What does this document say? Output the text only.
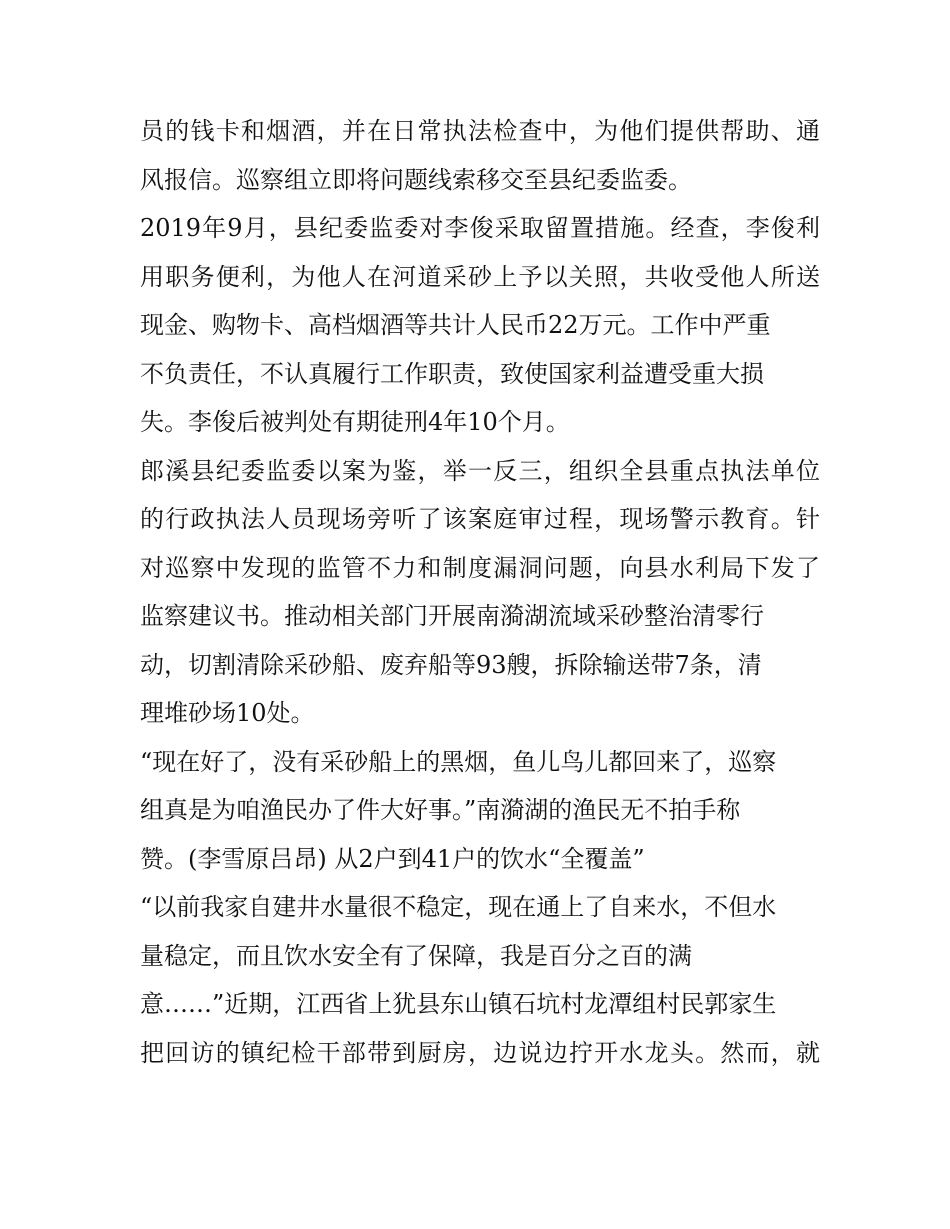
员的钱卡和烟酒，并在日常执法检查中，为他们提供帮助、通
风报信。巡察组立即将问题线索移交至县纪委监委。
2019年9月，县纪委监委对李俊采取留置措施。经查，李俊利
用职务便利，为他人在河道采砂上予以关照，共收受他人所送
现金、购物卡、高档烟酒等共计人民币22万元。工作中严重
不负责任，不认真履行工作职责，致使国家利益遭受重大损
失。李俊后被判处有期徒刑4年10个月。
郎溪县纪委监委以案为鉴，举一反三，组织全县重点执法单位
的行政执法人员现场旁听了该案庭审过程，现场警示教育。针
对巡察中发现的监管不力和制度漏洞问题，向县水利局下发了
监察建议书。推动相关部门开展南漪湖流域采砂整治清零行
动，切割清除采砂船、废弃船等93艘，拆除输送带7条，清
理堆砂场10处。
“现在好了，没有采砂船上的黑烟，鱼儿鸟儿都回来了，巡察
组真是为咱渔民办了件大好事。”南漪湖的渔民无不拍手称
赞。(李雪原吕昂) 从2户到41户的饮水“全覆盖”
“以前我家自建井水量很不稳定，现在通上了自来水，不但水
量稳定，而且饮水安全有了保障，我是百分之百的满
意……”近期，江西省上犹县东山镇石坑村龙潭组村民郭家生
把回访的镇纪检干部带到厨房，边说边拧开水龙头。然而，就
